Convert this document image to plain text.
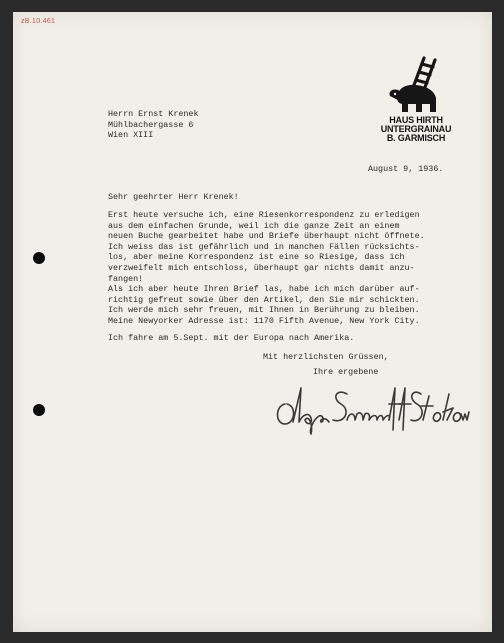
zB.10.461
HAUS HIRTH
UNTERGRAINAU
B. GARMISCH
Herrn Ernst Krenek
Mühlbachergasse 6
Wien XIII
August 9, 1936.
Sehr geehrter Herr Krenek!
Erst heute versuche ich, eine Riesenkorrespondenz zu erledigen
aus dem einfachen Grunde, weil ich die ganze Zeit an einem
neuen Buche gearbeitet habe und Briefe überhaupt nicht öffnete.
Ich weiss das ist gefährlich und in manchen Fällen rücksichts-
los, aber meine Korrespondenz ist eine so Riesige, dass ich
verzweifelt mich entschloss, überhaupt gar nichts damit anzu-
fangen!
Als ich aber heute Ihren Brief las, habe ich mich darüber auf-
richtig gefreut sowie über den Artikel, den Sie mir schickten.
Ich werde mich sehr freuen, mit Ihnen in Berührung zu bleiben.
Meine Newyorker Adresse ist: 1170 Fifth Avenue, New York City.
Ich fahre am 5.Sept. mit der Europa nach Amerika.
Mit herzlichsten Grüssen,
Ihre ergebene
